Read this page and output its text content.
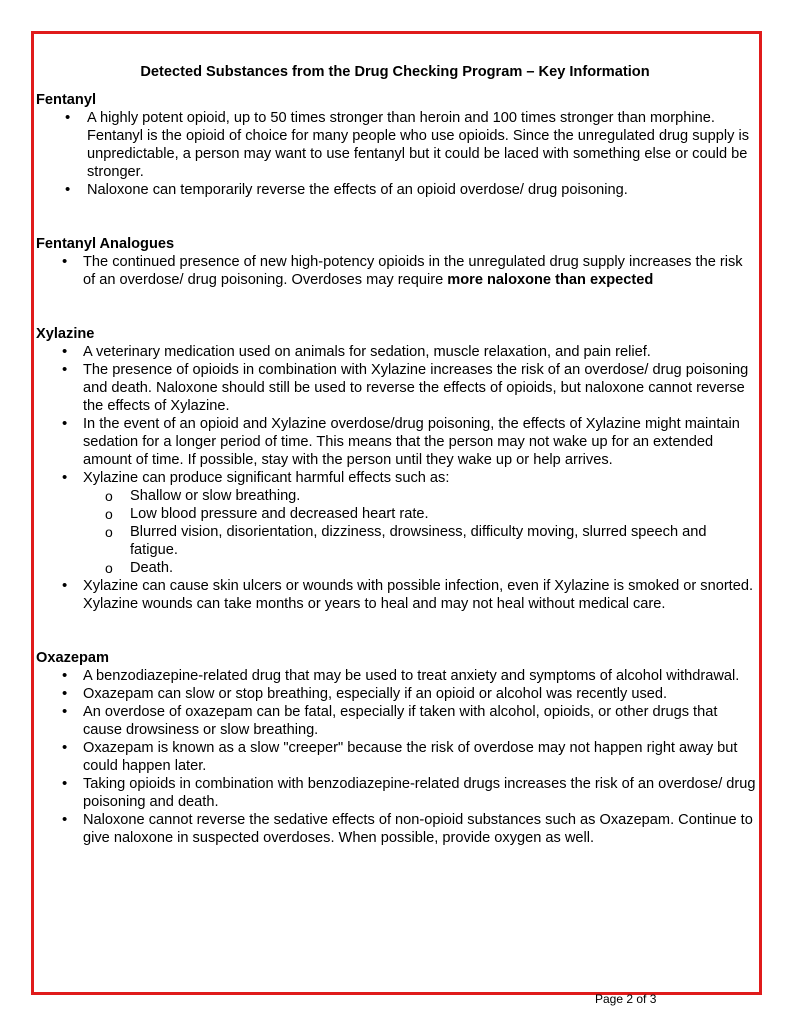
Detected Substances from the Drug Checking Program – Key Information

Fentanyl

• A highly potent opioid, up to 50 times stronger than heroin and 100 times stronger than morphine. Fentanyl is the opioid of choice for many people who use opioids. Since the unregulated drug supply is unpredictable, a person may want to use fentanyl but it could be laced with something else or could be stronger.
• Naloxone can temporarily reverse the effects of an opioid overdose/ drug poisoning.

Fentanyl Analogues

• The continued presence of new high-potency opioids in the unregulated drug supply increases the risk of an overdose/ drug poisoning. Overdoses may require more naloxone than expected

Xylazine

• A veterinary medication used on animals for sedation, muscle relaxation, and pain relief.
• The presence of opioids in combination with Xylazine increases the risk of an overdose/ drug poisoning and death. Naloxone should still be used to reverse the effects of opioids, but naloxone cannot reverse the effects of Xylazine.
• In the event of an opioid and Xylazine overdose/drug poisoning, the effects of Xylazine might maintain sedation for a longer period of time. This means that the person may not wake up for an extended amount of time. If possible, stay with the person until they wake up or help arrives.
• Xylazine can produce significant harmful effects such as:
o Shallow or slow breathing.
o Low blood pressure and decreased heart rate.
o Blurred vision, disorientation, dizziness, drowsiness, difficulty moving, slurred speech and fatigue.
o Death.
• Xylazine can cause skin ulcers or wounds with possible infection, even if Xylazine is smoked or snorted. Xylazine wounds can take months or years to heal and may not heal without medical care.

Oxazepam

• A benzodiazepine-related drug that may be used to treat anxiety and symptoms of alcohol withdrawal.
• Oxazepam can slow or stop breathing, especially if an opioid or alcohol was recently used.
• An overdose of oxazepam can be fatal, especially if taken with alcohol, opioids, or other drugs that cause drowsiness or slow breathing.
• Oxazepam is known as a slow "creeper" because the risk of overdose may not happen right away but could happen later.
• Taking opioids in combination with benzodiazepine-related drugs increases the risk of an overdose/ drug poisoning and death.
• Naloxone cannot reverse the sedative effects of non-opioid substances such as Oxazepam. Continue to give naloxone in suspected overdoses. When possible, provide oxygen as well.
Page 2 of 3
